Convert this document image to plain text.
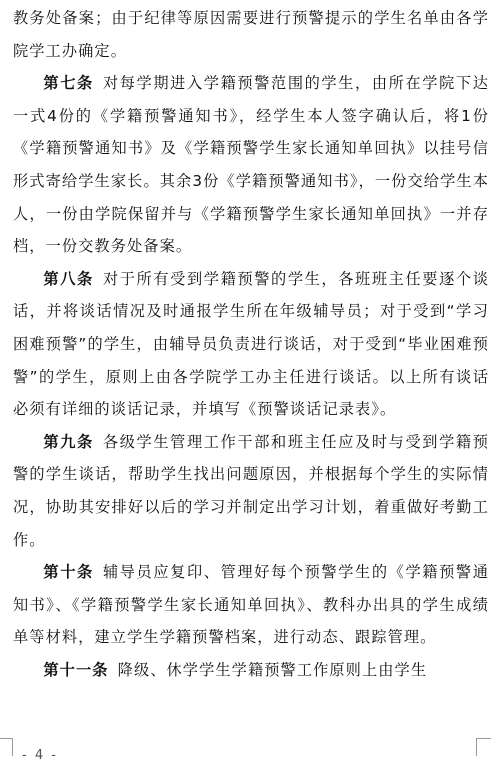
教务处备案；由于纪律等原因需要进行预警提示的学生名单由各学院学工办确定。

第七条 对每学期进入学籍预警范围的学生，由所在学院下达一式4份的《学籍预警通知书》，经学生本人签字确认后，将1份《学籍预警通知书》及《学籍预警学生家长通知单回执》以挂号信形式寄给学生家长。其余3份《学籍预警通知书》，一份交给学生本人，一份由学院保留并与《学籍预警学生家长通知单回执》一并存档，一份交教务处备案。

第八条 对于所有受到学籍预警的学生，各班班主任要逐个谈话，并将谈话情况及时通报学生所在年级辅导员；对于受到“学习困难预警”的学生，由辅导员负责进行谈话，对于受到“毕业困难预警”的学生，原则上由各学院学工办主任进行谈话。以上所有谈话必须有详细的谈话记录，并填写《预警谈话记录表》。

第九条 各级学生管理工作干部和班主任应及时与受到学籍预警的学生谈话，帮助学生找出问题原因，并根据每个学生的实际情况，协助其安排好以后的学习并制定出学习计划，着重做好考勤工作。

第十条 辅导员应复印、管理好每个预警学生的《学籍预警通知书》、《学籍预警学生家长通知单回执》、教科办出具的学生成绩单等材料，建立学生学籍预警档案，进行动态、跟踪管理。

第十一条 降级、休学学生学籍预警工作原则上由学生

- 4 -
